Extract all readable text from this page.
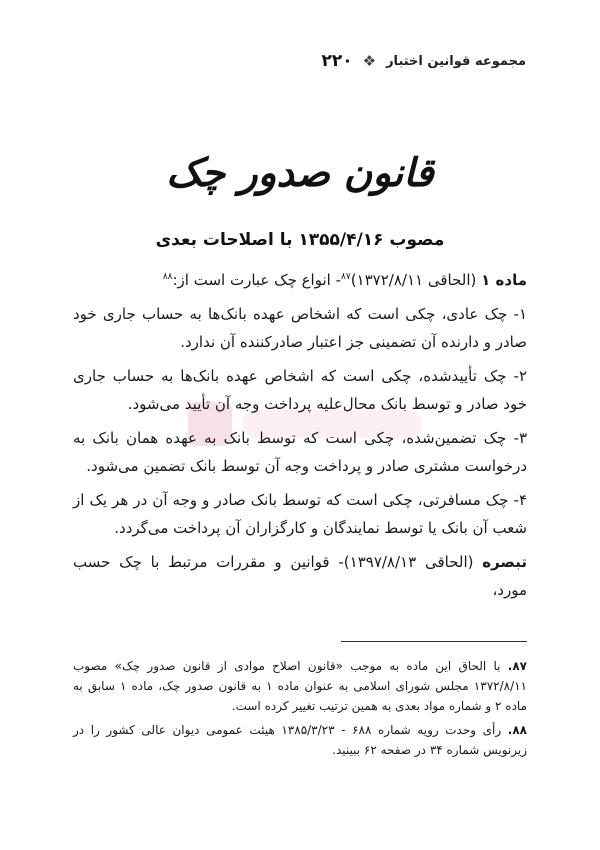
۲۲۰ ❖ مجموعه قوانین اختبار
قانون صدور چک
مصوب ۱۳۵۵/۴/۱۶ با اصلاحات بعدی

ماده ۱ (الحاقی ۱۳۷۲/۸/۱۱)$^{۸۷}$- انواع چک عبارت است از:$^{۸۸}$

۱- چک عادی، چکی است که اشخاص عهده بانک‌ها به حساب جاری خود صادر و دارنده آن تضمینی جز اعتبار صادرکننده آن ندارد.

۲- چک تأییدشده، چکی است که اشخاص عهده بانک‌ها به حساب جاری خود صادر و توسط بانک محال‌علیه پرداخت وجه آن تأیید می‌شود.

۳- چک تضمین‌شده، چکی است که توسط بانک به عهده همان بانک به درخواست مشتری صادر و پرداخت وجه آن توسط بانک تضمین می‌شود.

۴- چک مسافرتی، چکی است که توسط بانک صادر و وجه آن در هر یک از شعب آن بانک یا توسط نمایندگان و کارگزاران آن پرداخت می‌گردد.

تبصره (الحاقی ۱۳۹۷/۸/۱۳)- قوانین و مقررات مرتبط با چک حسب مورد،

۸۷. با الحاق این ماده به موجب «قانون اصلاح موادی از قانون صدور چک» مصوب ۱۳۷۲/۸/۱۱ مجلس شورای اسلامی به عنوان ماده ۱ به قانون صدور چک، ماده ۱ سابق به ماده ۲ و شماره مواد بعدی به همین ترتیب تغییر کرده است.

۸۸. رأی وحدت رویه شماره ۶۸۸ - ۱۳۸۵/۳/۲۳ هیئت عمومی دیوان عالی کشور را در زیرنویس شماره ۳۴ در صفحه ۶۲ ببینید.
